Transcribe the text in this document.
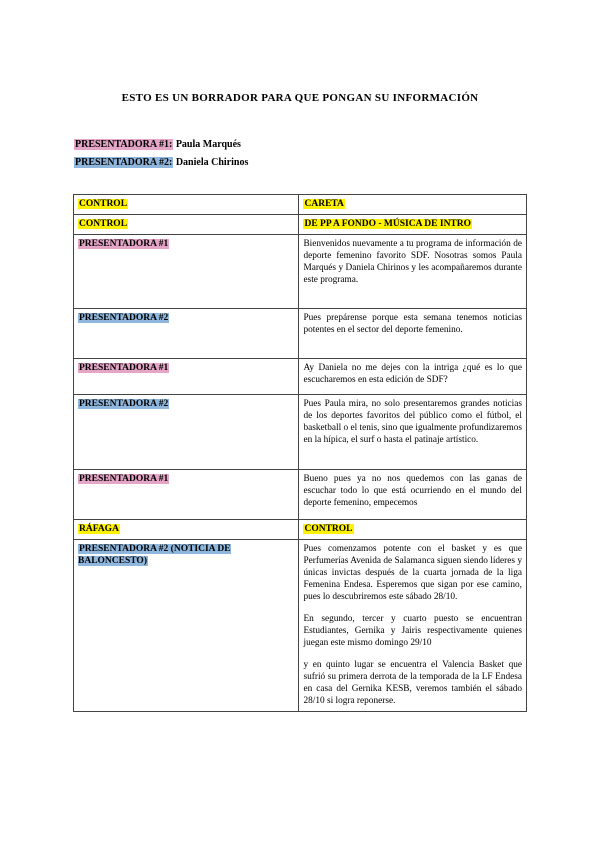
ESTO ES UN BORRADOR PARA QUE PONGAN SU INFORMACIÓN
PRESENTADORA #1: Paula Marqués
PRESENTADORA #2: Daniela Chirinos
CONTROL	CARETA
CONTROL	DE PP A FONDO - MÚSICA DE INTRO
PRESENTADORA #1	Bienvenidos nuevamente a tu programa de información de deporte femenino favorito SDF. Nosotras somos Paula Marqués y Daniela Chirinos y les acompañaremos durante este programa.

PRESENTADORA #2	Pues prepárense porque esta semana tenemos noticias potentes en el sector del deporte femenino.

PRESENTADORA #1	Ay Daniela no me dejes con la intriga ¿qué es lo que escucharemos en esta edición de SDF?

PRESENTADORA #2	Pues Paula mira, no solo presentaremos grandes noticias de los deportes favoritos del público como el fútbol, el basketball o el tenis, sino que igualmente profundizaremos en la hípica, el surf o hasta el patinaje artístico.

PRESENTADORA #1	Bueno pues ya no nos quedemos con las ganas de escuchar todo lo que está ocurriendo en el mundo del deporte femenino, empecemos

RÁFAGA	CONTROL
PRESENTADORA #2 (NOTICIA DE BALONCESTO)	Pues comenzamos potente con el basket y es que Perfumerías Avenida de Salamanca siguen siendo líderes y únicas invictas después de la cuarta jornada de la liga Femenina Endesa. Esperemos que sigan por ese camino, pues lo descubriremos este sábado 28/10.

En segundo, tercer y cuarto puesto se encuentran Estudiantes, Gernika y Jairis respectivamente quienes juegan este mismo domingo 29/10

y en quinto lugar se encuentra el Valencia Basket que sufrió su primera derrota de la temporada de la LF Endesa en casa del Gernika KESB, veremos también el sábado 28/10 si logra reponerse.
